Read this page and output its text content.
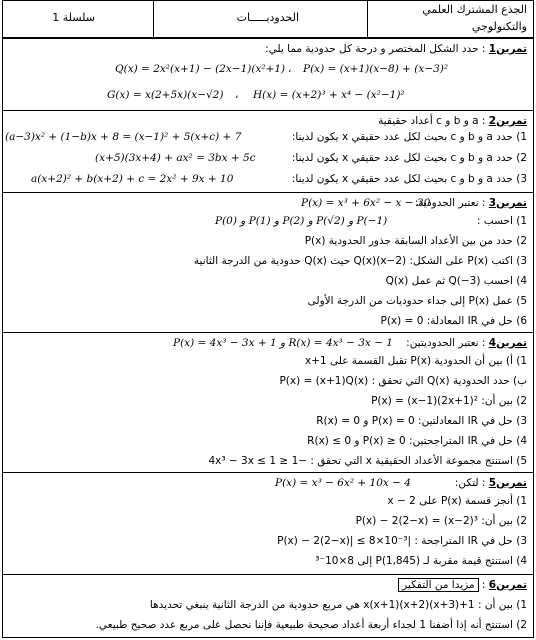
سلسلة 1	الحدوديـــــات
الجذع المشترك العلمي
والتكنولوجي
تمرين1 : حدد الشكل المختصر و درجة كل حدودية مما يلي:
P(x) = (x+1)(x−8) + (x−3)²
،
Q(x) = 2x²(x+1) − (2x−1)(x²+1)
H(x) = (x+2)³ + x⁴ − (x²−1)²
،
G(x) = x(2+5x)(x−√2)
تمرين2 : a و b و c أعداد حقيقية
1) حدد a و b و c بحيث لكل عدد حقيقي x يكون لدينا:
(a−3)x² + (1−b)x + 8 = (x−1)² + 5(x+c) + 7
2) حدد a و b و c بحيث لكل عدد حقيقي x يكون لدينا:
(x+5)(3x+4) + ax² = 3bx + 5c
3) حدد a و b و c بحيث لكل عدد حقيقي x يكون لدينا:
a(x+2)² + b(x+2) + c = 2x² + 9x + 10
تمرين3 : نعتبر الحدودية:
P(x) = x³ + 6x² − x − 30
1) احسب :
P(0) و P(1) و P(2) و P(√2) و P(−1)
2) حدد من بين الأعداد السابقة جذور الحدودية P(x)
3) اكتب P(x) على الشكل: (x−2)Q(x) حيث Q(x) حدودية من الدرجة الثانية
4) احسب Q(−3) ثم عمل Q(x)
5) عمل P(x) إلى جداء حدوديات من الدرجة الأولى
6) حل في IR المعادلة: P(x) = 0
تمرين4 : نعتبر الحدوديتين:
P(x) = 4x³ − 3x + 1 و R(x) = 4x³ − 3x − 1
1) أ) بين أن الحدودية P(x) تقبل القسمة على x+1
ب) حدد الحدودية Q(x) التي تحقق : P(x) = (x+1)Q(x)
2) بين أن: P(x) = (x−1)(2x+1)²
3) حل في IR المعادلتين: P(x) = 0 و R(x) = 0
4) حل في IR المتراجحتين: P(x) ≥ 0 و R(x) ≤ 0
5) استنتج مجموعة الأعداد الحقيقية x التي تحقق : −1 ≤ 4x³ − 3x ≤ 1
تمرين5 : لتكن:
P(x) = x³ − 6x² + 10x − 4
1) أنجز قسمة P(x) على x − 2
2) بين أن: P(x) − 2(2−x) = (x−2)³
3) حل في IR المتراجحة : |P(x) − 2(2−x)| ≤ 8×10⁻³
4) استنتج قيمة مقربة لـ P(1,845) إلى 8×10⁻³
تمرين6 : مزيدا من التفكير
1) بين أن : x(x+1)(x+2)(x+3)+1 هي مربع حدودية من الدرجة الثانية ينبغي تحديدها
2) استنتج أنه إذا أضفنا 1 لجداء أربعة أعداد صحيحة طبيعية فإننا نحصل على مربع عدد صحيح طبيعي.
